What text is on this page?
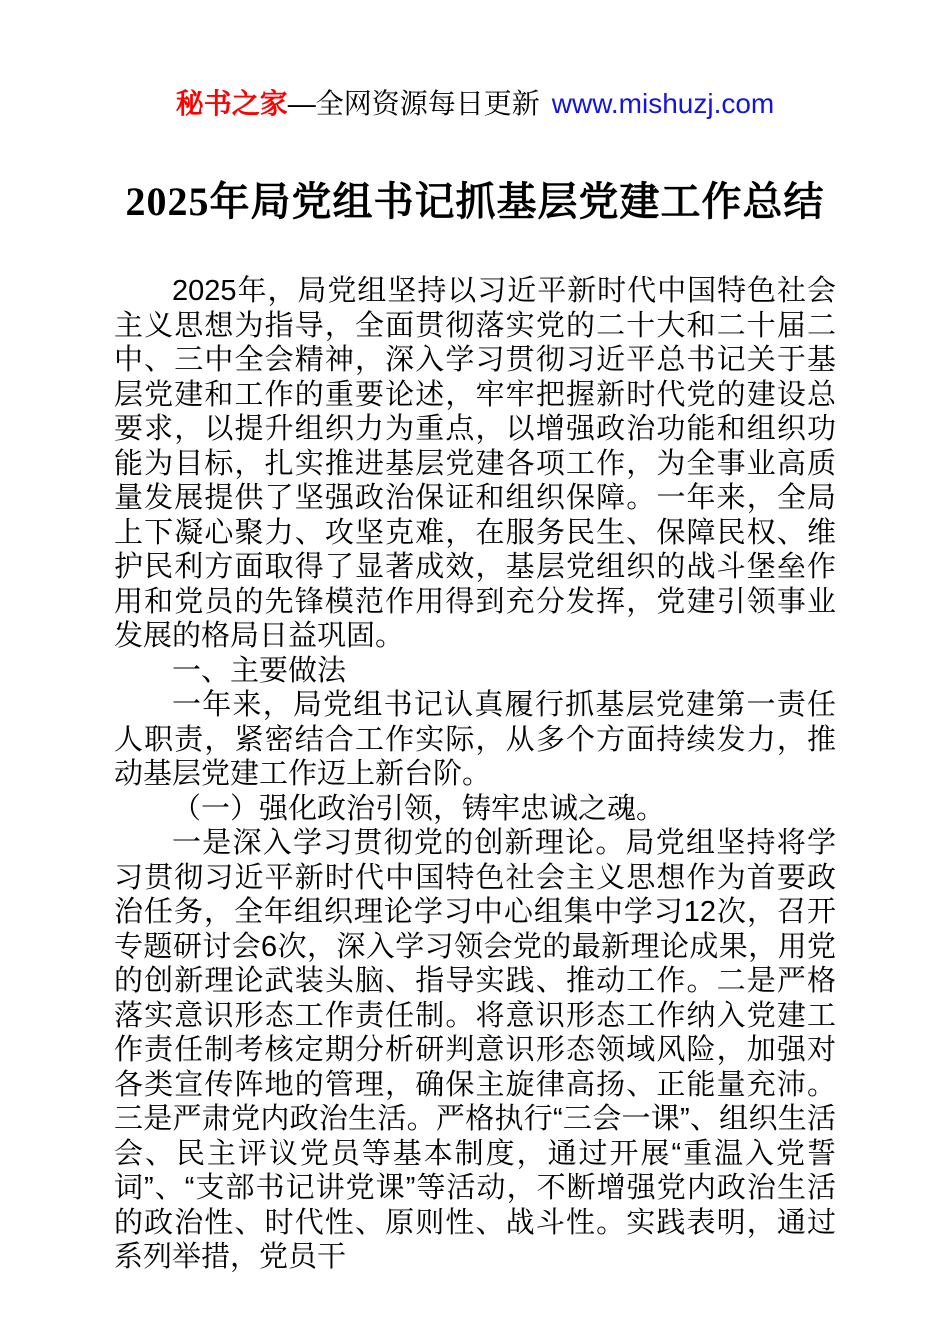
秘书之家—全网资源每日更新 www.mishuzj.com
2025年局党组书记抓基层党建工作总结

2025年，局党组坚持以习近平新时代中国特色社会主义思想为指导，全面贯彻落实党的二十大和二十届二中、三中全会精神，深入学习贯彻习近平总书记关于基层党建和工作的重要论述，牢牢把握新时代党的建设总要求，以提升组织力为重点，以增强政治功能和组织功能为目标，扎实推进基层党建各项工作，为全事业高质量发展提供了坚强政治保证和组织保障。一年来，全局上下凝心聚力、攻坚克难，在服务民生、保障民权、维护民利方面取得了显著成效，基层党组织的战斗堡垒作用和党员的先锋模范作用得到充分发挥，党建引领事业发展的格局日益巩固。

一、主要做法

一年来，局党组书记认真履行抓基层党建第一责任人职责，紧密结合工作实际，从多个方面持续发力，推动基层党建工作迈上新台阶。

（一）强化政治引领，铸牢忠诚之魂。

一是深入学习贯彻党的创新理论。局党组坚持将学习贯彻习近平新时代中国特色社会主义思想作为首要政治任务，全年组织理论学习中心组集中学习12次，召开专题研讨会6次，深入学习领会党的最新理论成果，用党的创新理论武装头脑、指导实践、推动工作。二是严格落实意识形态工作责任制。将意识形态工作纳入党建工作责任制考核定期分析研判意识形态领域风险，加强对各类宣传阵地的管理，确保主旋律高扬、正能量充沛。三是严肃党内政治生活。严格执行“三会一课”、组织生活会、民主评议党员等基本制度，通过开展“重温入党誓词”、“支部书记讲党课”等活动，不断增强党内政治生活的政治性、时代性、原则性、战斗性。实践表明，通过系列举措，党员干
